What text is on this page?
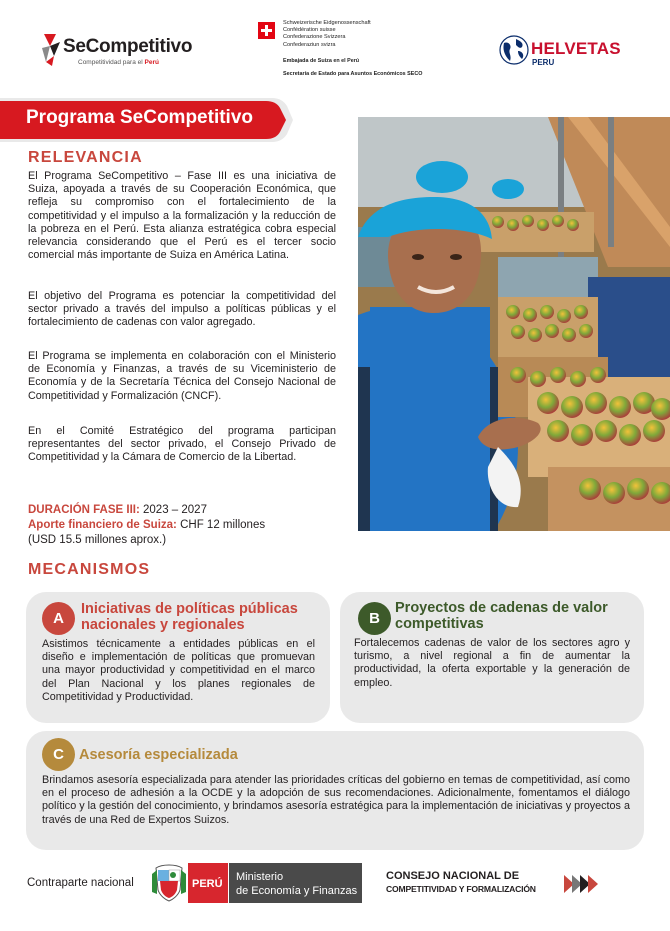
SeCompetitivo
Competitividad para el Perú
Schweizerische Eidgenossenschaft
Confédération suisse
Confederazione Svizzera
Confederaziun svizra
Embajada de Suiza en el Perú
Secretaría de Estado para Asuntos Económicos SECO
HELVETAS
PERU
Programa SeCompetitivo
RELEVANCIA
El Programa SeCompetitivo – Fase III es una iniciativa de Suiza, apoyada a través de su Cooperación Económica, que refleja su compromiso con el fortalecimiento de la competitividad y el impulso a la formalización y la reducción de la pobreza en el Perú. Esta alianza estratégica cobra especial relevancia considerando que el Perú es el tercer socio comercial más importante de Suiza en América Latina.
El objetivo del Programa es potenciar la competitividad del sector privado a través del impulso a políticas públicas y el fortalecimiento de cadenas con valor agregado.
El Programa se implementa en colaboración con el Ministerio de Economía y Finanzas, a través de su Viceministerio de Economía y de la Secretaría Técnica del Consejo Nacional de Competitividad y Formalización (CNCF).
En el Comité Estratégico del programa participan representantes del sector privado, el Consejo Privado de Competitividad y la Cámara de Comercio de la Libertad.
DURACIÓN FASE III: 2023 – 2027
Aporte financiero de Suiza: CHF 12 millones
(USD 15.5 millones aprox.)
MECANISMOS
A
Iniciativas de políticas públicas nacionales y regionales
Asistimos técnicamente a entidades públicas en el diseño e implementación de políticas que promuevan una mayor productividad y competitividad en el marco del Plan Nacional y los planes regionales de Competitividad y Productividad.
B
Proyectos de cadenas de valor competitivas
Fortalecemos cadenas de valor de los sectores agro y turismo, a nivel regional a fin de aumentar la productividad, la oferta exportable y la generación de empleo.
C	Asesoría especializada
Brindamos asesoría especializada para atender las prioridades críticas del gobierno en temas de competitividad, así como en el proceso de adhesión a la OCDE y la adopción de sus recomendaciones. Adicionalmente, fomentamos el diálogo político y la gestión del conocimiento, y brindamos asesoría estratégica para la implementación de iniciativas y proyectos a través de una Red de Expertos Suizos.
Contraparte nacional	PERÚ
Ministerio
de Economía y Finanzas
CONSEJO NACIONAL DE
COMPETITIVIDAD Y FORMALIZACIÓN
